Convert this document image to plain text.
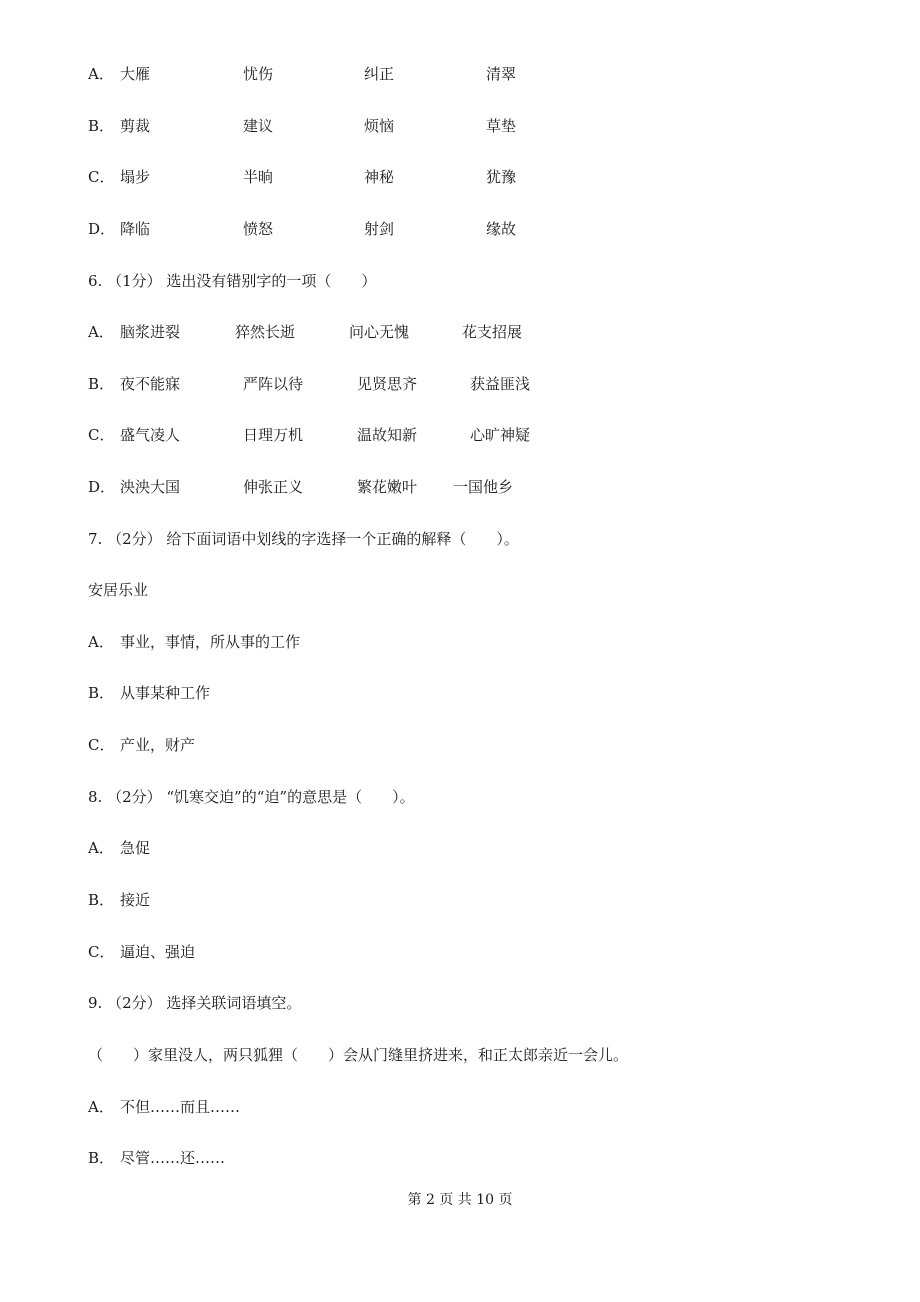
A． 大雁	忧伤	纠正	清翠
B． 剪裁	建议	烦恼	草垫
C． 塌步	半晌	神秘	犹豫
D． 降临	愤怒	射剑	缘故
6. （1分） 选出没有错别字的一项（　　）
A． 脑浆进裂	猝然长逝	问心无愧	花支招展
B． 夜不能寐	严阵以待	见贤思齐	获益匪浅
C． 盛气凌人	日理万机	温故知新	心旷神疑
D． 泱泱大国	伸张正义	繁花嫩叶 一国他乡
7. （2分） 给下面词语中划线的字选择一个正确的解释（　　）。
安居乐业
A． 事业，事情，所从事的工作
B． 从事某种工作
C． 产业，财产
8. （2分） “饥寒交迫”的“迫”的意思是（　　）。
A． 急促
B． 接近
C． 逼迫、强迫
9. （2分） 选择关联词语填空。
（　　）家里没人，两只狐狸（　　）会从门缝里挤进来，和正太郎亲近一会儿。
A． 不但……而且……
B． 尽管……还……
第 2 页 共 10 页
